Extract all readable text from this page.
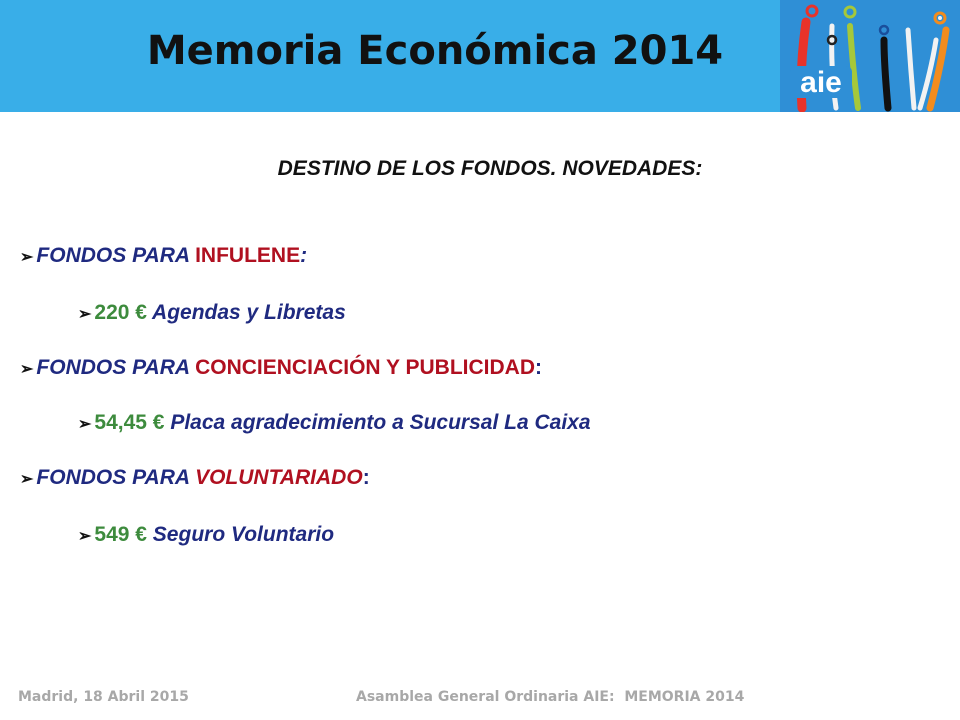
Memoria Económica 2014
aie
DESTINO DE LOS FONDOS. NOVEDADES:
➢ FONDOS PARA INFULENE:
➢ 220 € Agendas y Libretas
➢ FONDOS PARA CONCIENCIACIÓN Y PUBLICIDAD:
➢ 54,45 € Placa agradecimiento a Sucursal La Caixa
➢ FONDOS PARA VOLUNTARIADO:
➢ 549 € Seguro Voluntario
Madrid, 18 Abril 2015	Asamblea General Ordinaria AIE:  MEMORIA 2014
